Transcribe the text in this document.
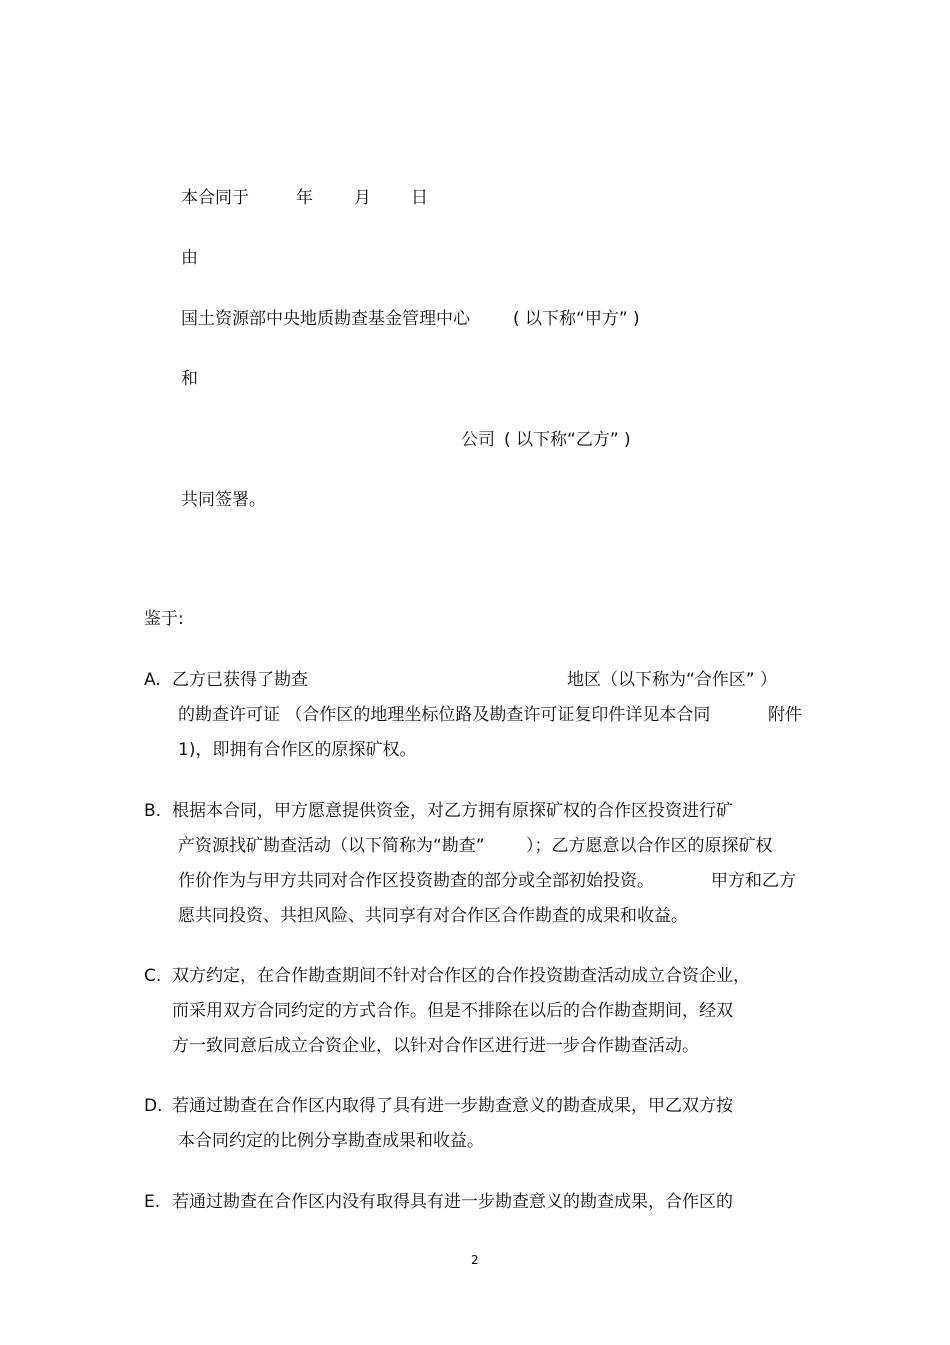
本合同于	年 月 日
由
国土资源部中央地质勘查基金管理中心	( 以下称“甲方” )
和
公司 ( 以下称“乙方” )
共同签署。
鉴于:
A. 乙方已获得了勘查	地区（以下称为“合作区” ）
的勘查许可证 （合作区的地理坐标位路及勘查许可证复印件详见本合同	附件
1)，即拥有合作区的原探矿权。
B. 根据本合同，甲方愿意提供资金，对乙方拥有原探矿权的合作区投资进行矿
产资源找矿勘查活动（以下简称为“勘查” ）；乙方愿意以合作区的原探矿权
作价作为与甲方共同对合作区投资勘查的部分或全部初始投资。	甲方和乙方
愿共同投资、共担风险、共同享有对合作区合作勘查的成果和收益。
C. 双方约定，在合作勘查期间不针对合作区的合作投资勘查活动成立合资企业，
而采用双方合同约定的方式合作。但是不排除在以后的合作勘查期间，经双
方一致同意后成立合资企业，以针对合作区进行进一步合作勘查活动。
D. 若通过勘查在合作区内取得了具有进一步勘查意义的勘查成果，甲乙双方按
本合同约定的比例分享勘查成果和收益。
E. 若通过勘查在合作区内没有取得具有进一步勘查意义的勘查成果，合作区的
2
